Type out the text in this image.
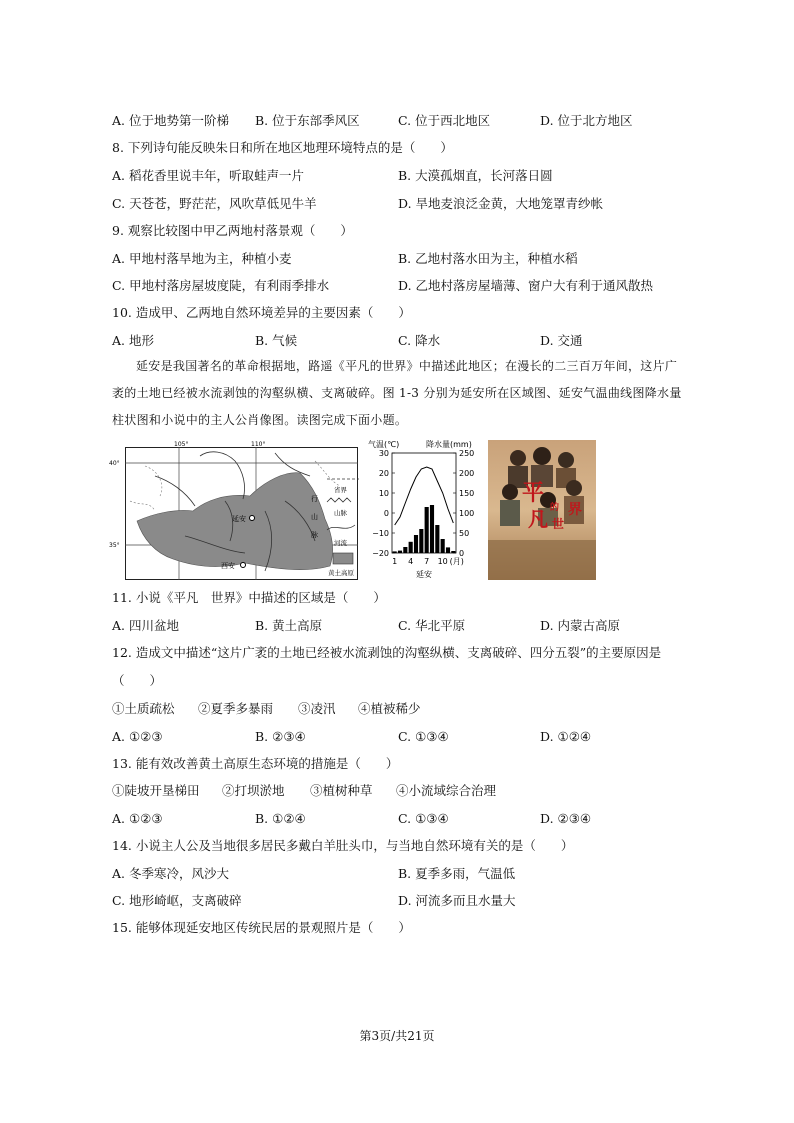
A. 位于地势第一阶梯 B. 位于东部季风区	C. 位于西北地区	D. 位于北方地区
8. 下列诗句能反映朱日和所在地区地理环境特点的是（　　）
A. 稻花香里说丰年，听取蛙声一片	B. 大漠孤烟直，长河落日圆
C. 天苍苍，野茫茫，风吹草低见牛羊	D. 旱地麦浪泛金黄，大地笼罩青纱帐
9. 观察比较图中甲乙两地村落景观（　　）
A. 甲地村落旱地为主，种植小麦	B. 乙地村落水田为主，种植水稻
C. 甲地村落房屋坡度陡，有利雨季排水	D. 乙地村落房屋墙薄、窗户大有利于通风散热
10. 造成甲、乙两地自然环境差异的主要因素（　　）
A. 地形	B. 气候	C. 降水	D. 交通
延安是我国著名的革命根据地，路遥《平凡的世界》中描述此地区；在漫长的二三百万年间，这片广袤的土地已经被水流剥蚀的沟壑纵横、支离破碎。图 1-3 分别为延安所在区域图、延安气温曲线图降水量柱状图和小说中的主人公肖像图。读图完成下面小题。
105°	110°
40°
35°
延安
西安
行
山
脉
省界
山脉
河流
黄土高原
气温(℃)	降水量(mm)
30
20
10
0
−10
−20
250
200
150
100
50
0
1 4 7 10 (月)
延安
平
凡 的
世
界
11. 小说《平凡　世界》中描述的区域是（　　）
A. 四川盆地	B. 黄土高原	C. 华北平原	D. 内蒙古高原
12. 造成文中描述“这片广袤的土地已经被水流剥蚀的沟壑纵横、支离破碎、四分五裂”的主要原因是
（　　）
①土质疏松 ②夏季多暴雨 ③凌汛 ④植被稀少
A. ①②③	B. ②③④	C. ①③④	D. ①②④
13. 能有效改善黄土高原生态环境的措施是（　　）
①陡坡开垦梯田 ②打坝淤地 ③植树种草 ④小流域综合治理
A. ①②③	B. ①②④	C. ①③④	D. ②③④
14. 小说主人公及当地很多居民多戴白羊肚头巾，与当地自然环境有关的是（　　）
A. 冬季寒冷，风沙大	B. 夏季多雨，气温低
C. 地形崎岖，支离破碎	D. 河流多而且水量大
15. 能够体现延安地区传统民居的景观照片是（　　）
第3页/共21页
